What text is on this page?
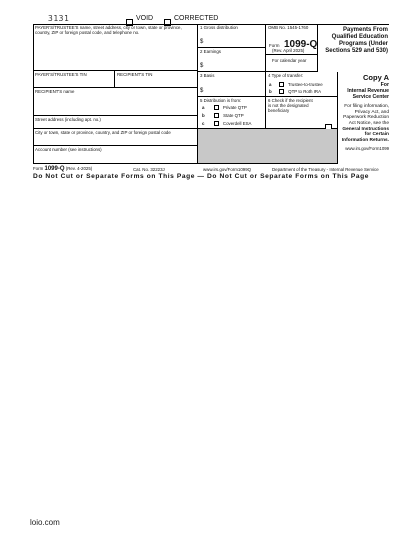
3131	VOID	CORRECTED
PAYER'S/TRUSTEE'S name, street address, city or town, state or province, country, ZIP or foreign postal code, and telephone no.
1 Gross distribution
$
2 Earnings
$
OMB No. 1545-1760
Form 1099-Q
(Rev. April 2025)
For calendar year
Payments From Qualified Education Programs (Under Sections 529 and 530)
PAYER'S/TRUSTEE'S TIN	RECIPIENT'S TIN	3 Basis
$
4 Type of transfer:
a	Trustee-to-trustee
b	QTP to Roth IRA
Copy A
For
Internal Revenue Service Center
For filing information, Privacy Act, and Paperwork Reduction Act Notice, see the
General Instructions for Certain Information Returns.
www.irs.gov/Form1099
RECIPIENT'S name
5 Distribution is from:
a	Private QTP
b	State QTP
c	Coverdell ESA
6 Check if the recipient is not the designated beneficiary
Street address (including apt. no.)
City or town, state or province, country, and ZIP or foreign postal code
Account number (see instructions)
Form 1099-Q (Rev. 4-2025)	Cat. No. 32223J	www.irs.gov/Form1099Q	Department of the Treasury - Internal Revenue Service
Do Not Cut or Separate Forms on This Page — Do Not Cut or Separate Forms on This Page
loio.com
